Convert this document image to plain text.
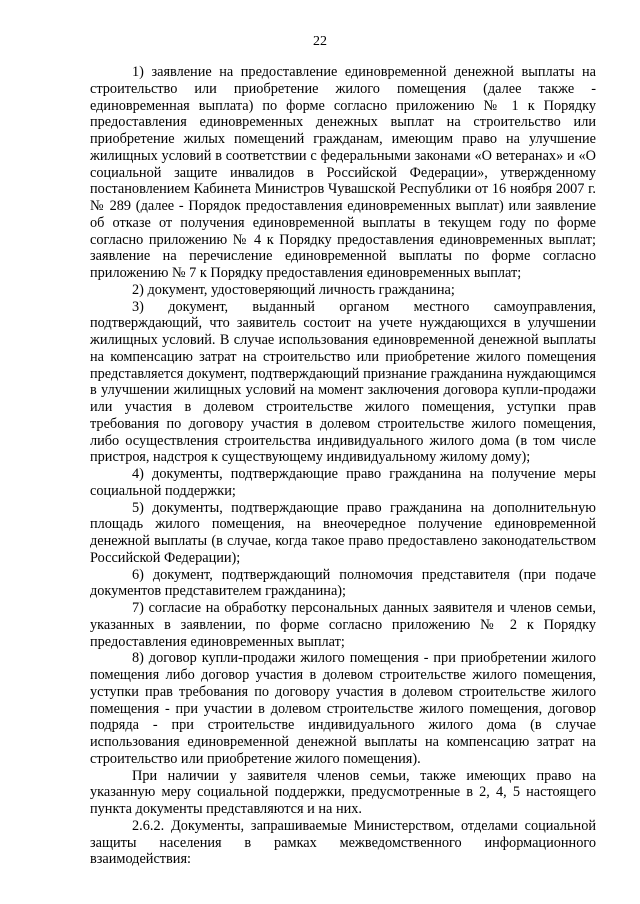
22

1) заявление на предоставление единовременной денежной выплаты на строительство или приобретение жилого помещения (далее также - единовременная выплата) по форме согласно приложению № 1 к Порядку предоставления единовременных денежных выплат на строительство или приобретение жилых помещений гражданам, имеющим право на улучшение жилищных условий в соответствии с федеральными законами «О ветеранах» и «О социальной защите инвалидов в Российской Федерации», утвержденному постановлением Кабинета Министров Чувашской Республики от 16 ноября 2007 г. № 289 (далее - Порядок предоставления единовременных выплат) или заявление об отказе от получения единовременной выплаты в текущем году по форме согласно приложению № 4 к Порядку предоставления единовременных выплат; заявление на перечисление единовременной выплаты по форме согласно приложению № 7 к Порядку предоставления единовременных выплат;

2) документ, удостоверяющий личность гражданина;

3) документ, выданный органом местного самоуправления, подтверждающий, что заявитель состоит на учете нуждающихся в улучшении жилищных условий. В случае использования единовременной денежной выплаты на компенсацию затрат на строительство или приобретение жилого помещения представляется документ, подтверждающий признание гражданина нуждающимся в улучшении жилищных условий на момент заключения договора купли-продажи или участия в долевом строительстве жилого помещения, уступки прав требования по договору участия в долевом строительстве жилого помещения, либо осуществления строительства индивидуального жилого дома (в том числе пристроя, надстроя к существующему индивидуальному жилому дому);

4) документы, подтверждающие право гражданина на получение меры социальной поддержки;

5) документы, подтверждающие право гражданина на дополнительную площадь жилого помещения, на внеочередное получение единовременной денежной выплаты (в случае, когда такое право предоставлено законодательством Российской Федерации);

6) документ, подтверждающий полномочия представителя (при подаче документов представителем гражданина);

7) согласие на обработку персональных данных заявителя и членов семьи, указанных в заявлении, по форме согласно приложению № 2 к Порядку предоставления единовременных выплат;

8) договор купли-продажи жилого помещения - при приобретении жилого помещения либо договор участия в долевом строительстве жилого помещения, уступки прав требования по договору участия в долевом строительстве жилого помещения - при участии в долевом строительстве жилого помещения, договор подряда - при строительстве индивидуального жилого дома (в случае использования единовременной денежной выплаты на компенсацию затрат на строительство или приобретение жилого помещения).

При наличии у заявителя членов семьи, также имеющих право на указанную меру социальной поддержки, предусмотренные в 2, 4, 5 настоящего пункта документы представляются и на них.

2.6.2. Документы, запрашиваемые Министерством, отделами социальной защиты населения в рамках межведомственного информационного взаимодействия:
